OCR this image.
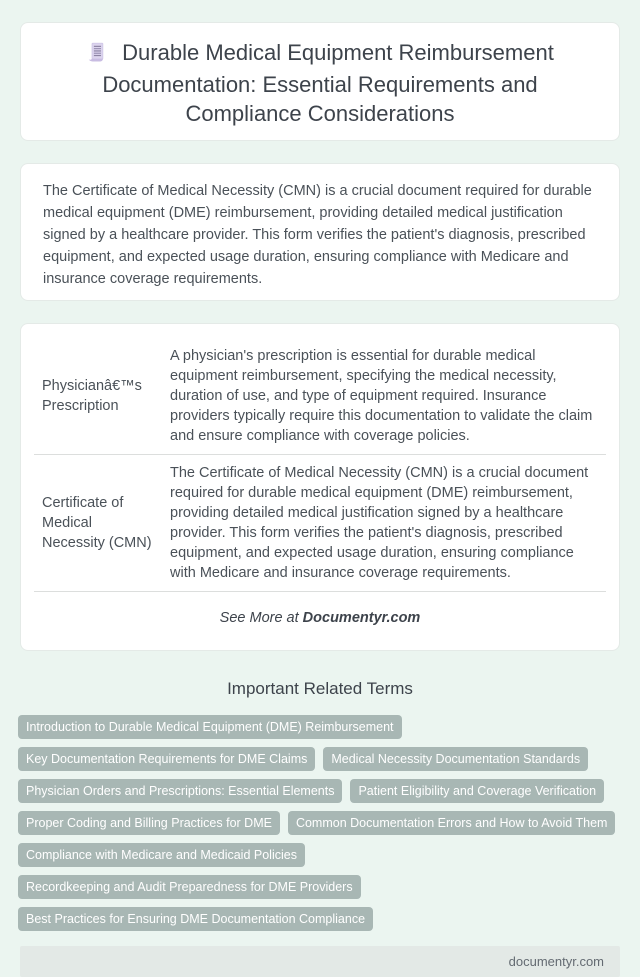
Durable Medical Equipment Reimbursement Documentation: Essential Requirements and Compliance Considerations

The Certificate of Medical Necessity (CMN) is a crucial document required for durable medical equipment (DME) reimbursement, providing detailed medical justification signed by a healthcare provider. This form verifies the patient's diagnosis, prescribed equipment, and expected usage duration, ensuring compliance with Medicare and insurance coverage requirements.

Physicianâ€™s Prescription	A physician's prescription is essential for durable medical equipment reimbursement, specifying the medical necessity, duration of use, and type of equipment required. Insurance providers typically require this documentation to validate the claim and ensure compliance with coverage policies.
Certificate of Medical Necessity (CMN)	The Certificate of Medical Necessity (CMN) is a crucial document required for durable medical equipment (DME) reimbursement, providing detailed medical justification signed by a healthcare provider. This form verifies the patient's diagnosis, prescribed equipment, and expected usage duration, ensuring compliance with Medicare and insurance coverage requirements.
See More at Documentyr.com
Important Related Terms
Introduction to Durable Medical Equipment (DME) Reimbursement
Key Documentation Requirements for DME Claims	Medical Necessity Documentation Standards
Physician Orders and Prescriptions: Essential Elements	Patient Eligibility and Coverage Verification
Proper Coding and Billing Practices for DME	Common Documentation Errors and How to Avoid Them
Compliance with Medicare and Medicaid Policies
Recordkeeping and Audit Preparedness for DME Providers
Best Practices for Ensuring DME Documentation Compliance
documentyr.com
